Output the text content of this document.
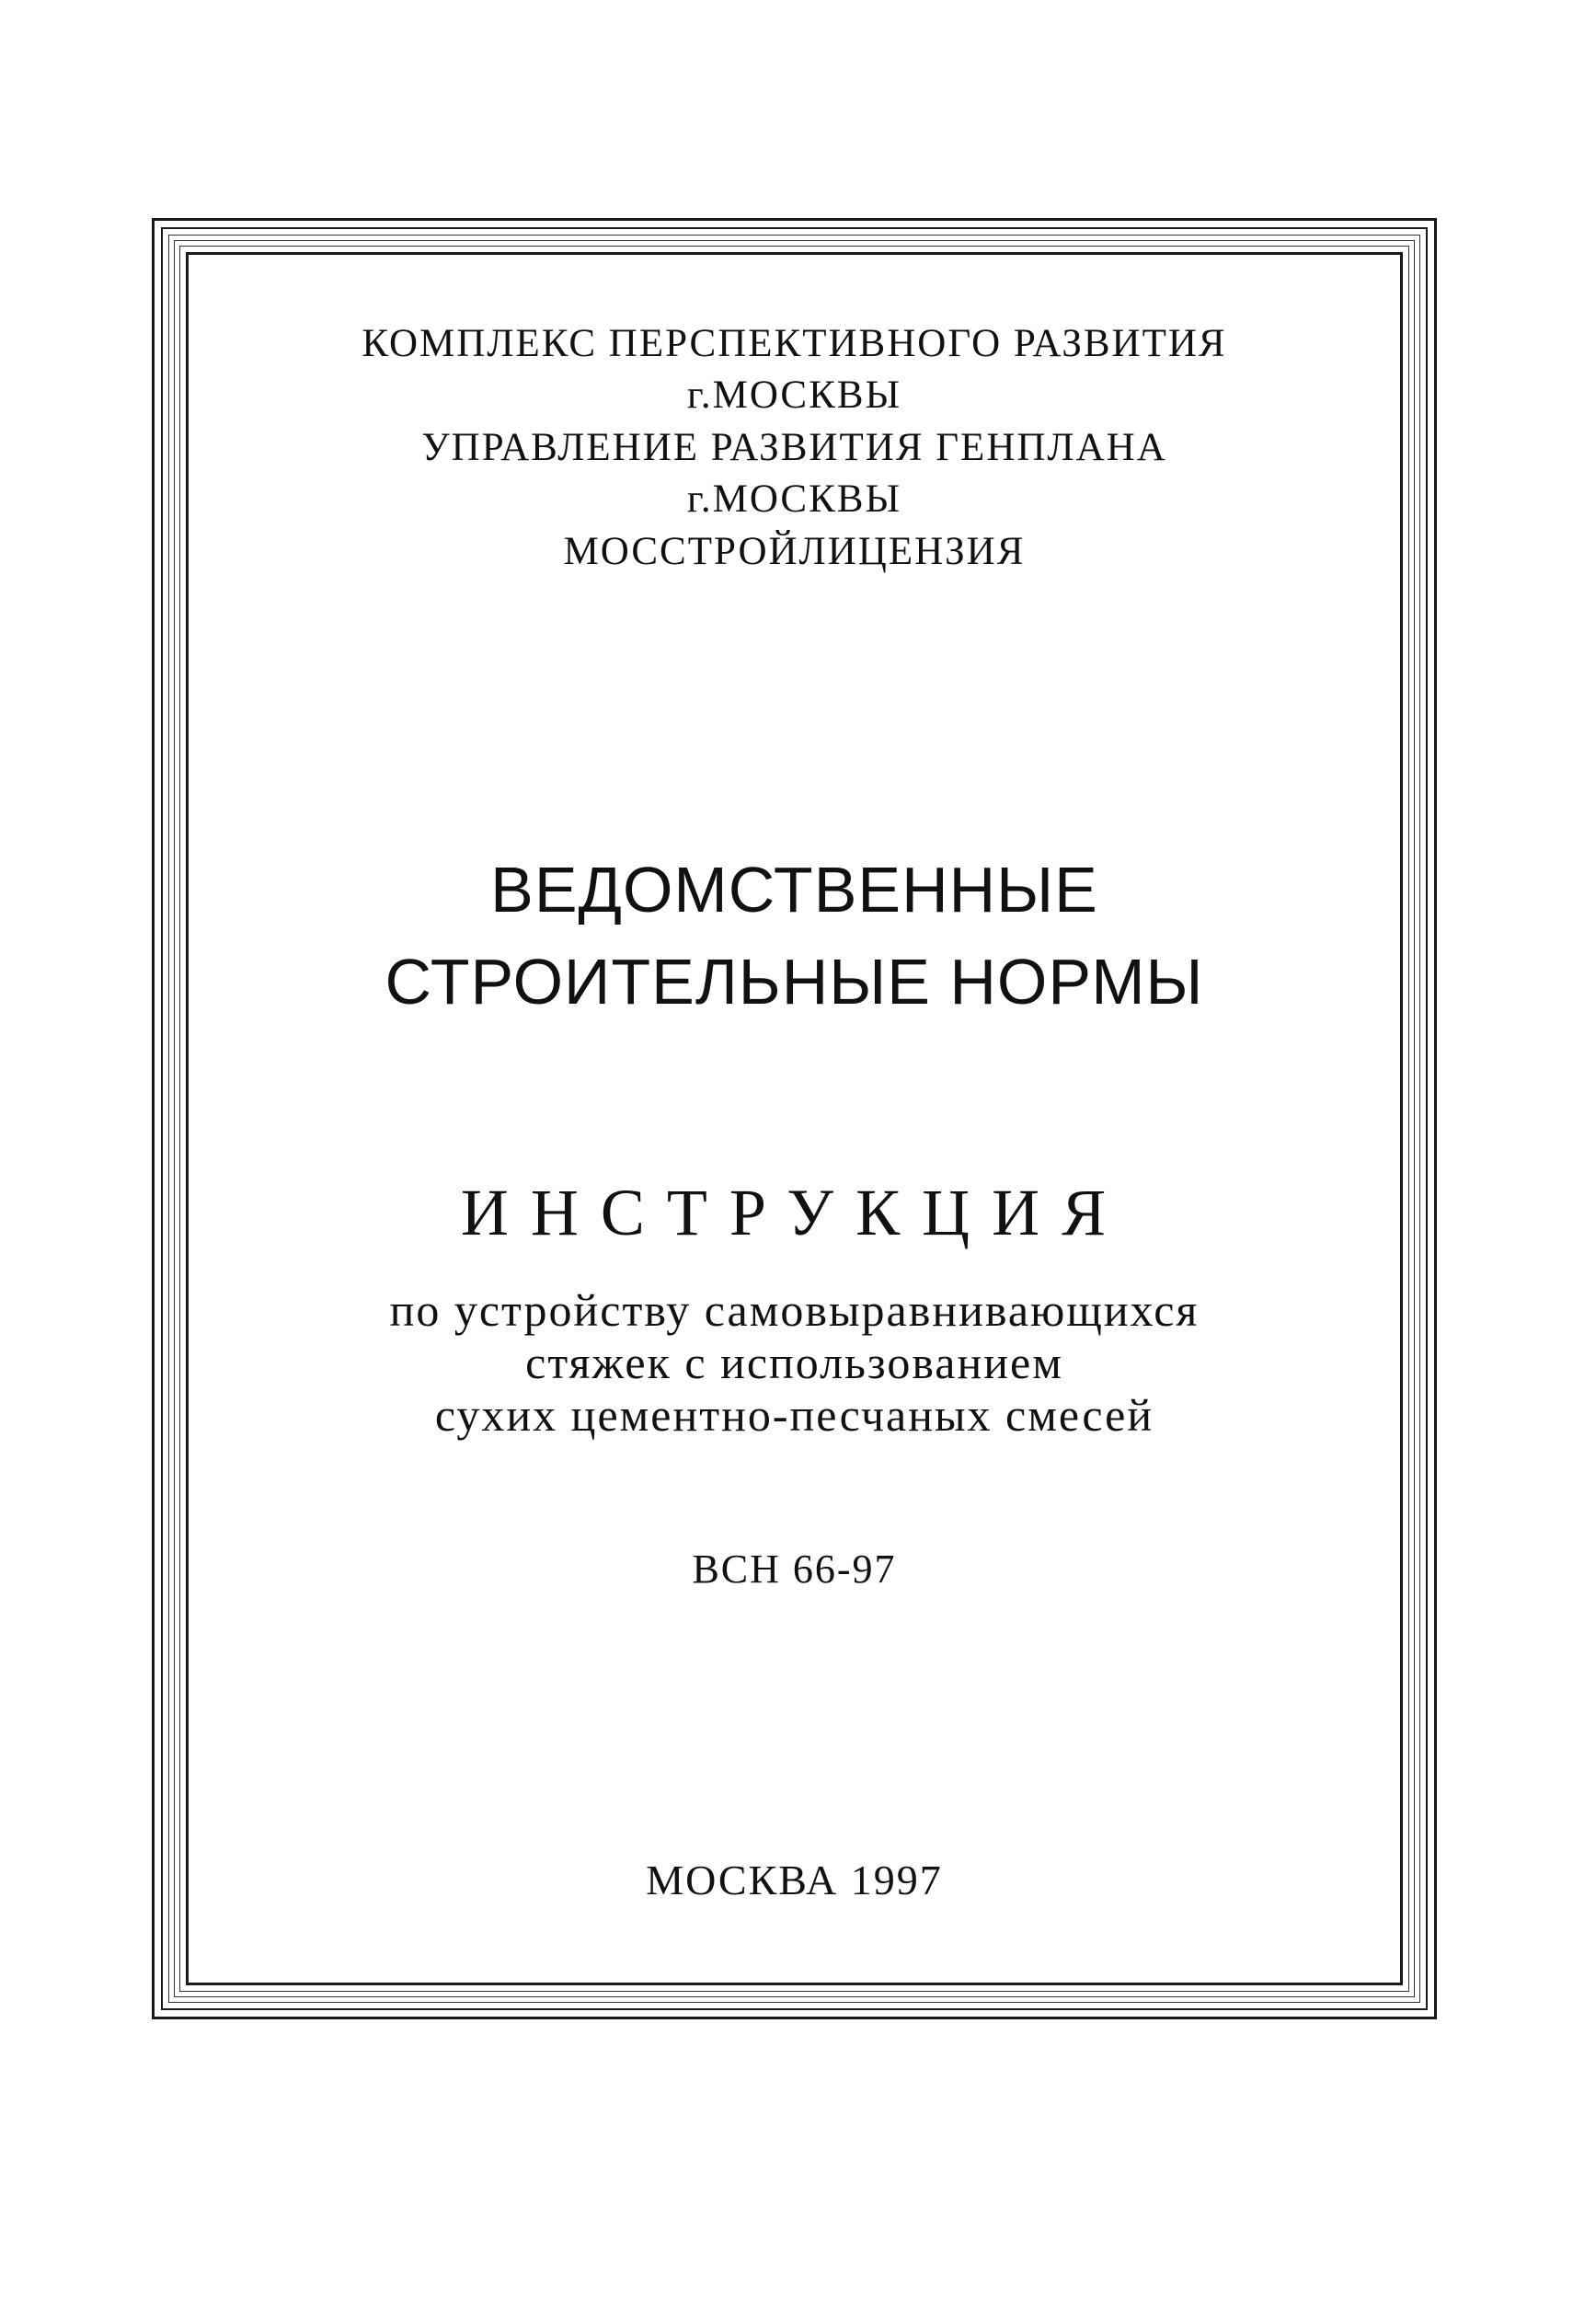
КОМПЛЕКС ПЕРСПЕКТИВНОГО РАЗВИТИЯ
г.МОСКВЫ
УПРАВЛЕНИЕ РАЗВИТИЯ ГЕНПЛАНА
г.МОСКВЫ
МОССТРОЙЛИЦЕНЗИЯ
ВЕДОМСТВЕННЫЕ
СТРОИТЕЛЬНЫЕ НОРМЫ
ИНСТРУКЦИЯ
по устройству самовыравнивающихся
стяжек с использованием
сухих цементно-песчаных смесей
ВСН 66-97
МОСКВА 1997
